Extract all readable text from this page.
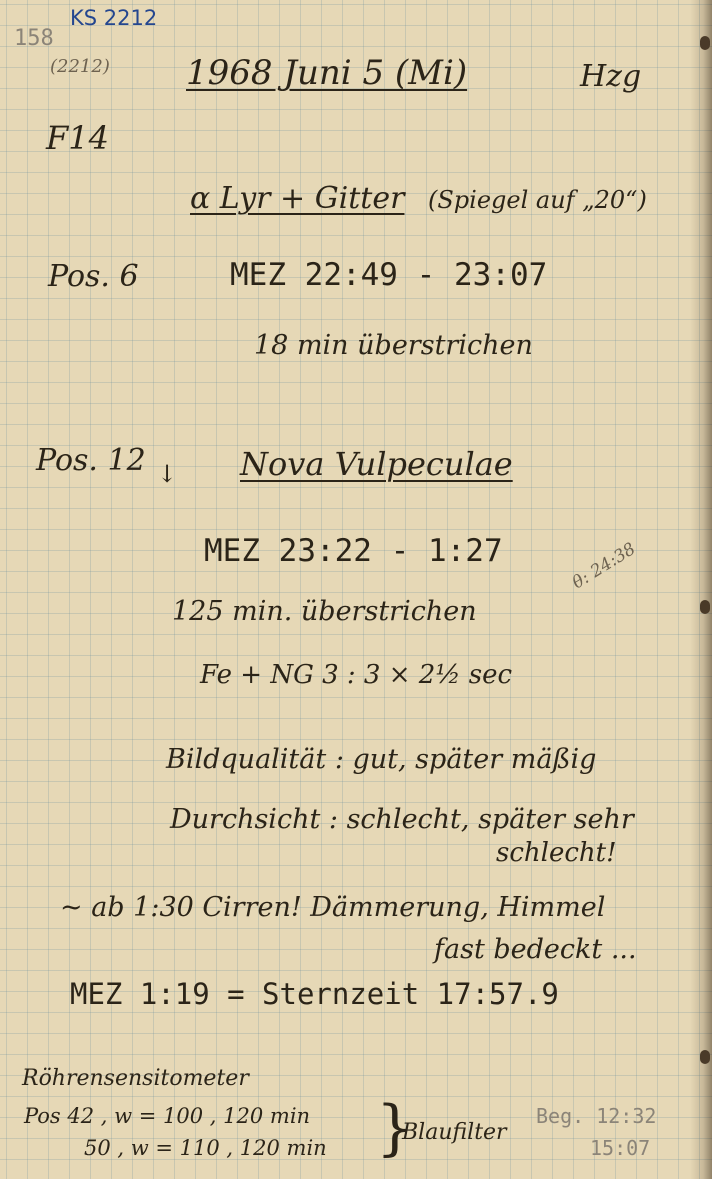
KS 2212
158
(2212) 1968 Juni 5 (Mi)	Hzg
F14
α Lyr + Gitter (Spiegel auf „20“)
Pos. 6	MEZ 22:49 - 23:07
18 min überstrichen
Pos. 12 ↓ Nova Vulpeculae
MEZ 23:22 - 1:27
125 min. überstrichen
θ: 24:38
Fe + NG 3 : 3 × 2½ sec
Bildqualität : gut, später mäßig
Durchsicht : schlecht, später sehr
schlecht!
~ ab 1:30 Cirren! Dämmerung, Himmel
fast bedeckt ...
MEZ 1:19 = Sternzeit 17:57.9
Röhrensensitometer
Pos 42 , w = 100 , 120 min
50 , w = 110 , 120 min }
Blaufilter
Beg. 12:32
15:07
